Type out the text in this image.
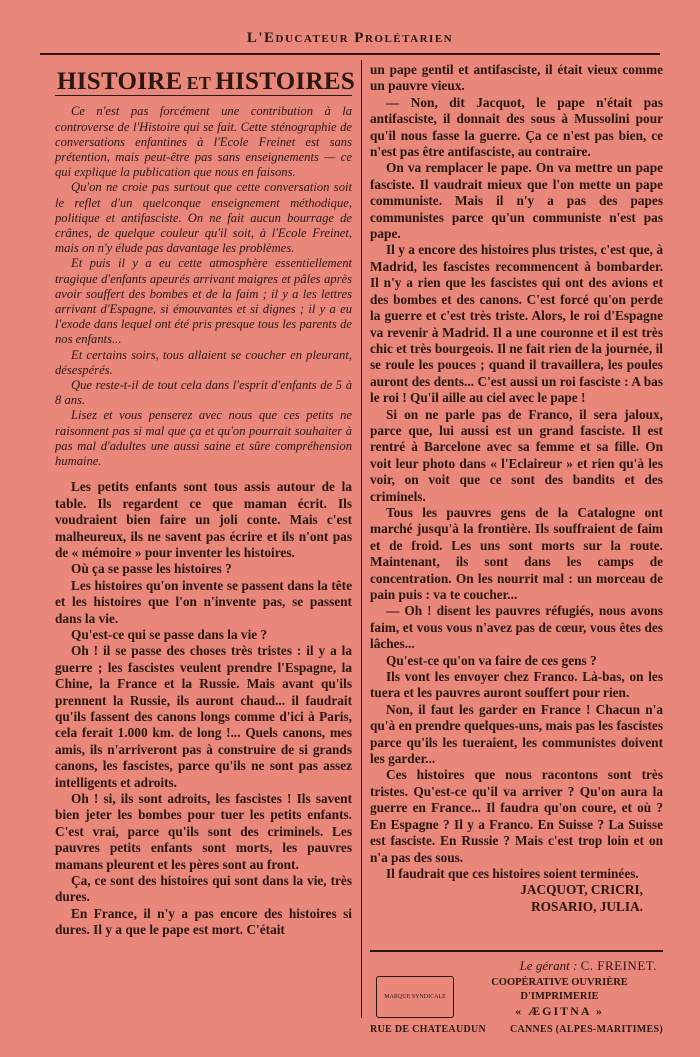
L'Educateur Prolétarien
HISTOIRE ET HISTOIRES

Ce n'est pas forcément une contribution à la controverse de l'Histoire qui se fait. Cette sténographie de conversations enfantines à l'Ecole Freinet est sans prétention, mais peut-être pas sans enseignements — ce qui explique la publication que nous en faisons.

Qu'on ne croie pas surtout que cette conversation soit le reflet d'un quelconque enseignement méthodique, politique et antifasciste. On ne fait aucun bourrage de crânes, de quelque couleur qu'il soit, à l'Ecole Freinet, mais on n'y élude pas davantage les problèmes.

Et puis il y a eu cette atmosphère essentiellement tragique d'enfants apeurés arrivant maigres et pâles après avoir souffert des bombes et de la faim ; il y a les lettres arrivant d'Espagne, si émouvantes et si dignes ; il y a eu l'exode dans lequel ont été pris presque tous les parents de nos enfants...

Et certains soirs, tous allaient se coucher en pleurant, désespérés.

Que reste-t-il de tout cela dans l'esprit d'enfants de 5 à 8 ans.

Lisez et vous penserez avec nous que ces petits ne raisonnent pas si mal que ça et qu'on pourrait souhaiter à pas mal d'adultes une aussi saine et sûre compréhension humaine.

Les petits enfants sont tous assis autour de la table. Ils regardent ce que maman écrit. Ils voudraient bien faire un joli conte. Mais c'est malheureux, ils ne savent pas écrire et ils n'ont pas de « mémoire » pour inventer les histoires.

Où ça se passe les histoires ?

Les histoires qu'on invente se passent dans la tête et les histoires que l'on n'invente pas, se passent dans la vie.

Qu'est-ce qui se passe dans la vie ?

Oh ! il se passe des choses très tristes : il y a la guerre ; les fascistes veulent prendre l'Espagne, la Chine, la France et la Russie. Mais avant qu'ils prennent la Russie, ils auront chaud... il faudrait qu'ils fassent des canons longs comme d'ici à Paris, cela ferait 1.000 km. de long !... Quels canons, mes amis, ils n'arriveront pas à construire de si grands canons, les fascistes, parce qu'ils ne sont pas assez intelligents et adroits.

Oh ! si, ils sont adroits, les fascistes ! Ils savent bien jeter les bombes pour tuer les petits enfants. C'est vrai, parce qu'ils sont des criminels. Les pauvres petits enfants sont morts, les pauvres mamans pleurent et les pères sont au front.

Ça, ce sont des histoires qui sont dans la vie, très dures.

En France, il n'y a pas encore des histoires si dures. Il y a que le pape est mort. C'était

un pape gentil et antifasciste, il était vieux comme un pauvre vieux.

— Non, dit Jacquot, le pape n'était pas antifasciste, il donnait des sous à Mussolini pour qu'il nous fasse la guerre. Ça ce n'est pas bien, ce n'est pas être antifasciste, au contraire.

On va remplacer le pape. On va mettre un pape fasciste. Il vaudrait mieux que l'on mette un pape communiste. Mais il n'y a pas des papes communistes parce qu'un communiste n'est pas pape.

Il y a encore des histoires plus tristes, c'est que, à Madrid, les fascistes recommencent à bombarder. Il n'y a rien que les fascistes qui ont des avions et des bombes et des canons. C'est forcé qu'on perde la guerre et c'est très triste. Alors, le roi d'Espagne va revenir à Madrid. Il a une couronne et il est très chic et très bourgeois. Il ne fait rien de la journée, il se roule les pouces ; quand il travaillera, les poules auront des dents... C'est aussi un roi fasciste : A bas le roi ! Qu'il aille au ciel avec le pape !

Si on ne parle pas de Franco, il sera jaloux, parce que, lui aussi est un grand fasciste. Il est rentré à Barcelone avec sa femme et sa fille. On voit leur photo dans « l'Eclaireur » et rien qu'à les voir, on voit que ce sont des bandits et des criminels.

Tous les pauvres gens de la Catalogne ont marché jusqu'à la frontière. Ils souffraient de faim et de froid. Les uns sont morts sur la route. Maintenant, ils sont dans les camps de concentration. On les nourrit mal : un morceau de pain puis : va te coucher...

— Oh ! disent les pauvres réfugiés, nous avons faim, et vous vous n'avez pas de cœur, vous êtes des lâches...

Qu'est-ce qu'on va faire de ces gens ?

Ils vont les envoyer chez Franco. Là-bas, on les tuera et les pauvres auront souffert pour rien.

Non, il faut les garder en France ! Chacun n'a qu'à en prendre quelques-uns, mais pas les fascistes parce qu'ils les tueraient, les communistes doivent les garder...

Ces histoires que nous racontons sont très tristes. Qu'est-ce qu'il va arriver ? Qu'on aura la guerre en France... Il faudra qu'on coure, et où ? En Espagne ? Il y a Franco. En Suisse ? La Suisse est fasciste. En Russie ? Mais c'est trop loin et on n'a pas des sous.

Il faudrait que ces histoires soient terminées.

JACQUOT, CRICRI,
ROSARIO, JULIA.
Le gérant : C. FREINET.
MARQUE SYNDICALE
COOPÉRATIVE OUVRIÈRE D'IMPRIMERIE
« ÆGITNA »
RUE DE CHATEAUDUN CANNES (ALPES-MARITIMES)
